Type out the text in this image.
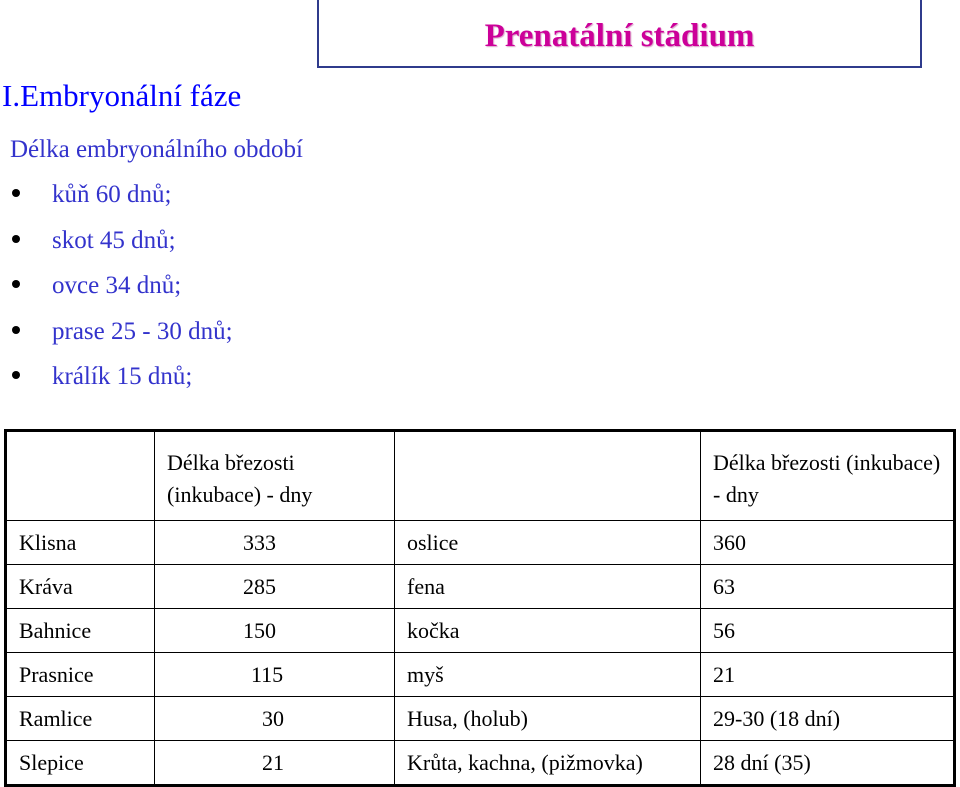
Prenatální stádium
I.Embryonální fáze
Délka embryonálního období
kůň 60 dnů;
skot 45 dnů;
ovce 34 dnů;
prase 25 - 30 dnů;
králík 15 dnů;
	Délka březosti (inkubace) - dny		Délka březosti (inkubace) - dny
Klisna	333	oslice	360
Kráva	285	fena	63
Bahnice	150	kočka	56
Prasnice	115	myš	21
Ramlice	30	Husa, (holub)	29-30 (18 dní)
Slepice	21	Krůta, kachna, (pižmovka)	28 dní (35)
